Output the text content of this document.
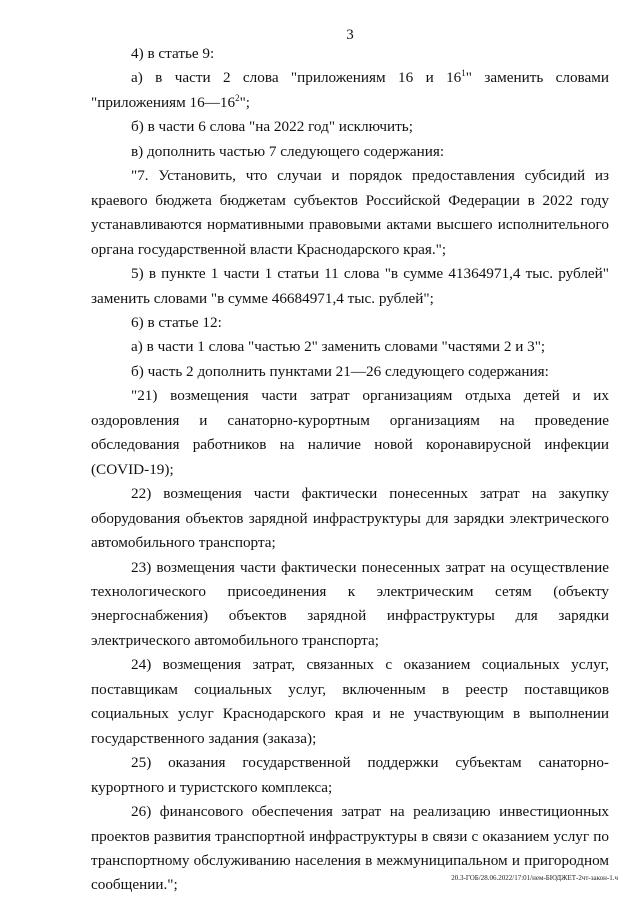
3

4) в статье 9:

а) в части 2 слова "приложениям 16 и $16^1$" заменить словами "приложениям $16—16^2$";

б) в части 6 слова "на 2022 год" исключить;

в) дополнить частью 7 следующего содержания:

"7. Установить, что случаи и порядок предоставления субсидий из краевого бюджета бюджетам субъектов Российской Федерации в 2022 году устанавливаются нормативными правовыми актами высшего исполнительного органа государственной власти Краснодарского края.";

5) в пункте 1 части 1 статьи 11 слова "в сумме 41364971,4 тыс. рублей" заменить словами "в сумме 46684971,4 тыс. рублей";

6) в статье 12:

а) в части 1 слова "частью 2" заменить словами "частями 2 и 3";

б) часть 2 дополнить пунктами 21—26 следующего содержания:

"21) возмещения части затрат организациям отдыха детей и их оздоровления и санаторно-курортным организациям на проведение обследования работников на наличие новой коронавирусной инфекции (COVID-19);

22) возмещения части фактически понесенных затрат на закупку оборудования объектов зарядной инфраструктуры для зарядки электрического автомобильного транспорта;

23) возмещения части фактически понесенных затрат на осуществление технологического присоединения к электрическим сетям (объекту энергоснабжения) объектов зарядной инфраструктуры для зарядки электрического автомобильного транспорта;

24) возмещения затрат, связанных с оказанием социальных услуг, поставщикам социальных услуг, включенным в реестр поставщиков социальных услуг Краснодарского края и не участвующим в выполнении государственного задания (заказа);

25) оказания государственной поддержки субъектам санаторно-курортного и туристского комплекса;

26) финансового обеспечения затрат на реализацию инвестиционных проектов развития транспортной инфраструктуры в связи с оказанием услуг по транспортному обслуживанию населения в межмуниципальном и пригородном сообщении.";	20.3-ГОБ/28.06.2022/17:01/нем-БЮДЖЕТ-2чт-закон-1.ч
